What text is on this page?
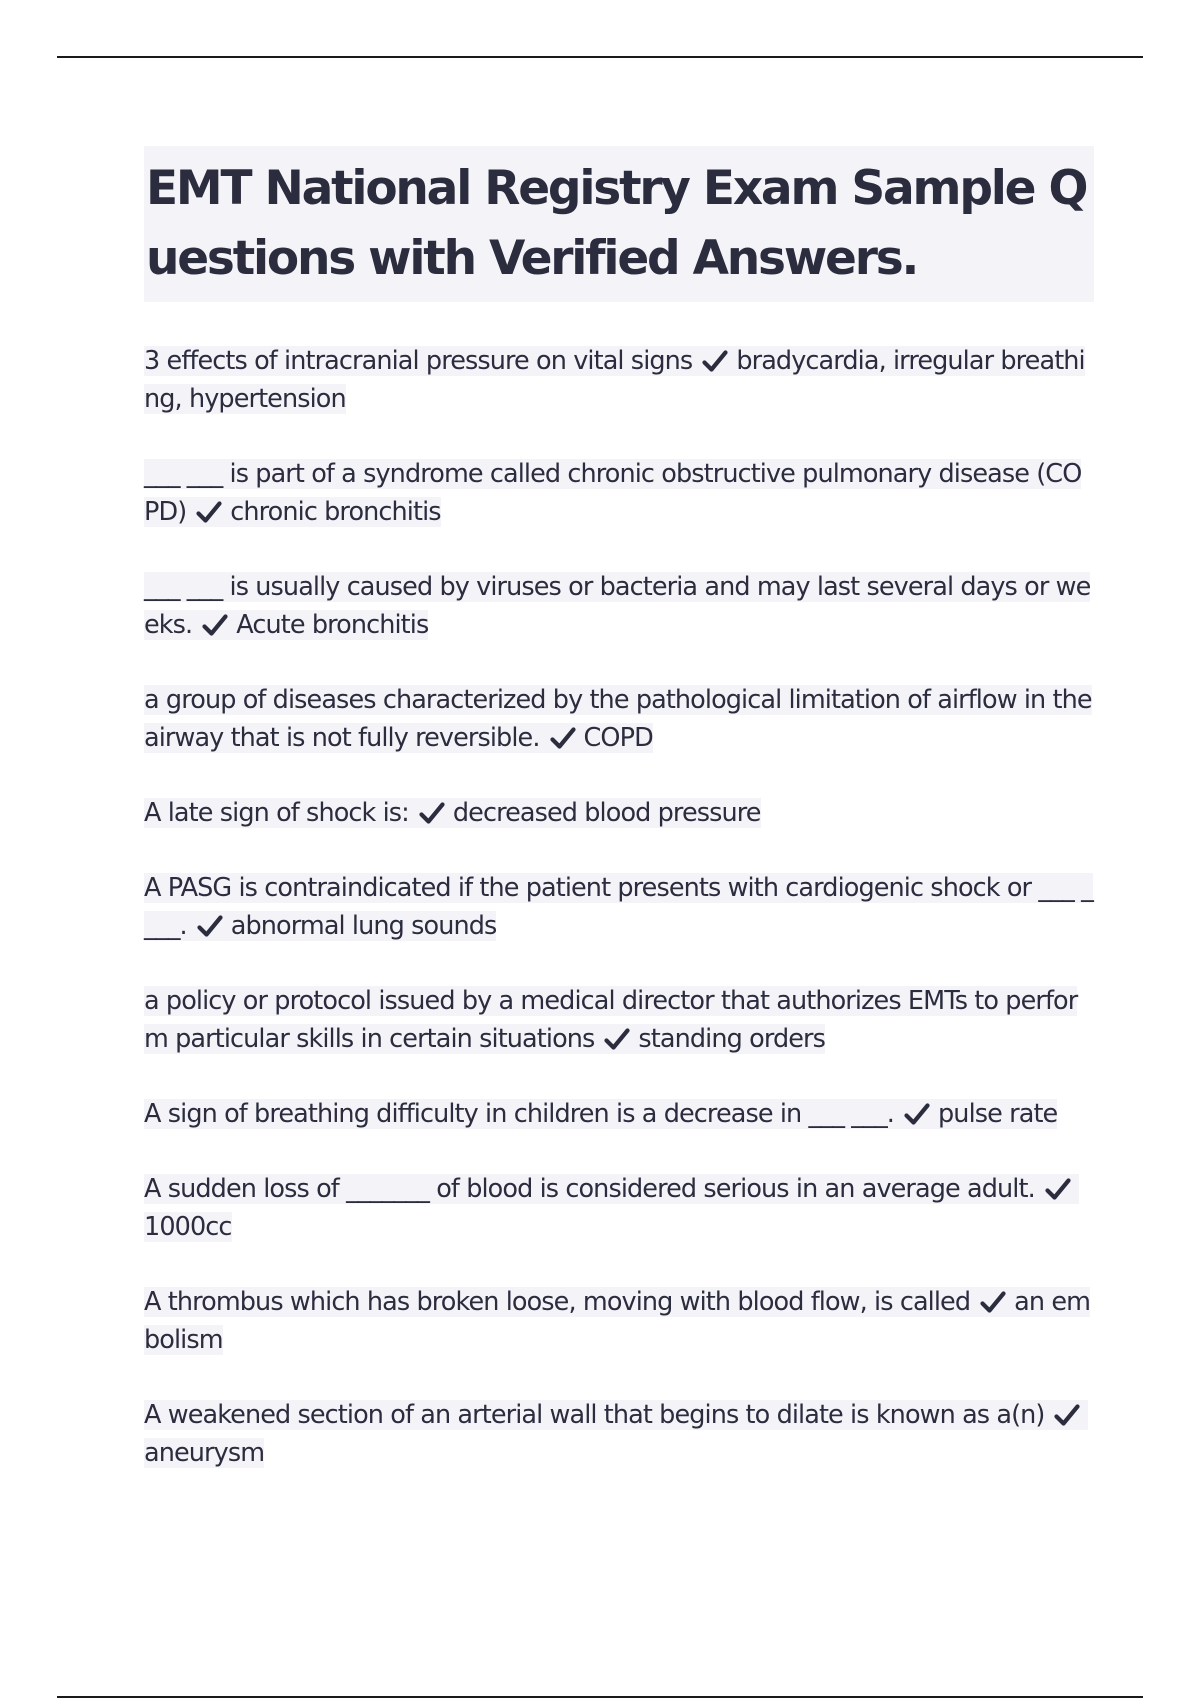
EMT National Registry Exam Sample Questions with Verified Answers.

3 effects of intracranial pressure on vital signs bradycardia, irregular breathing, hypertension

___ ___ is part of a syndrome called chronic obstructive pulmonary disease (COPD) chronic bronchitis

___ ___ is usually caused by viruses or bacteria and may last several days or weeks. Acute bronchitis

a group of diseases characterized by the pathological limitation of airflow in the airway that is not fully reversible. COPD

A late sign of shock is: decreased blood pressure

A PASG is contraindicated if the patient presents with cardiogenic shock or ___ ____. abnormal lung sounds

a policy or protocol issued by a medical director that authorizes EMTs to perform particular skills in certain situations standing orders

A sign of breathing difficulty in children is a decrease in ___ ___. pulse rate

A sudden loss of _______ of blood is considered serious in an average adult.
1000cc

A thrombus which has broken loose, moving with blood flow, is called an embolism

A weakened section of an arterial wall that begins to dilate is known as a(n)
aneurysm
